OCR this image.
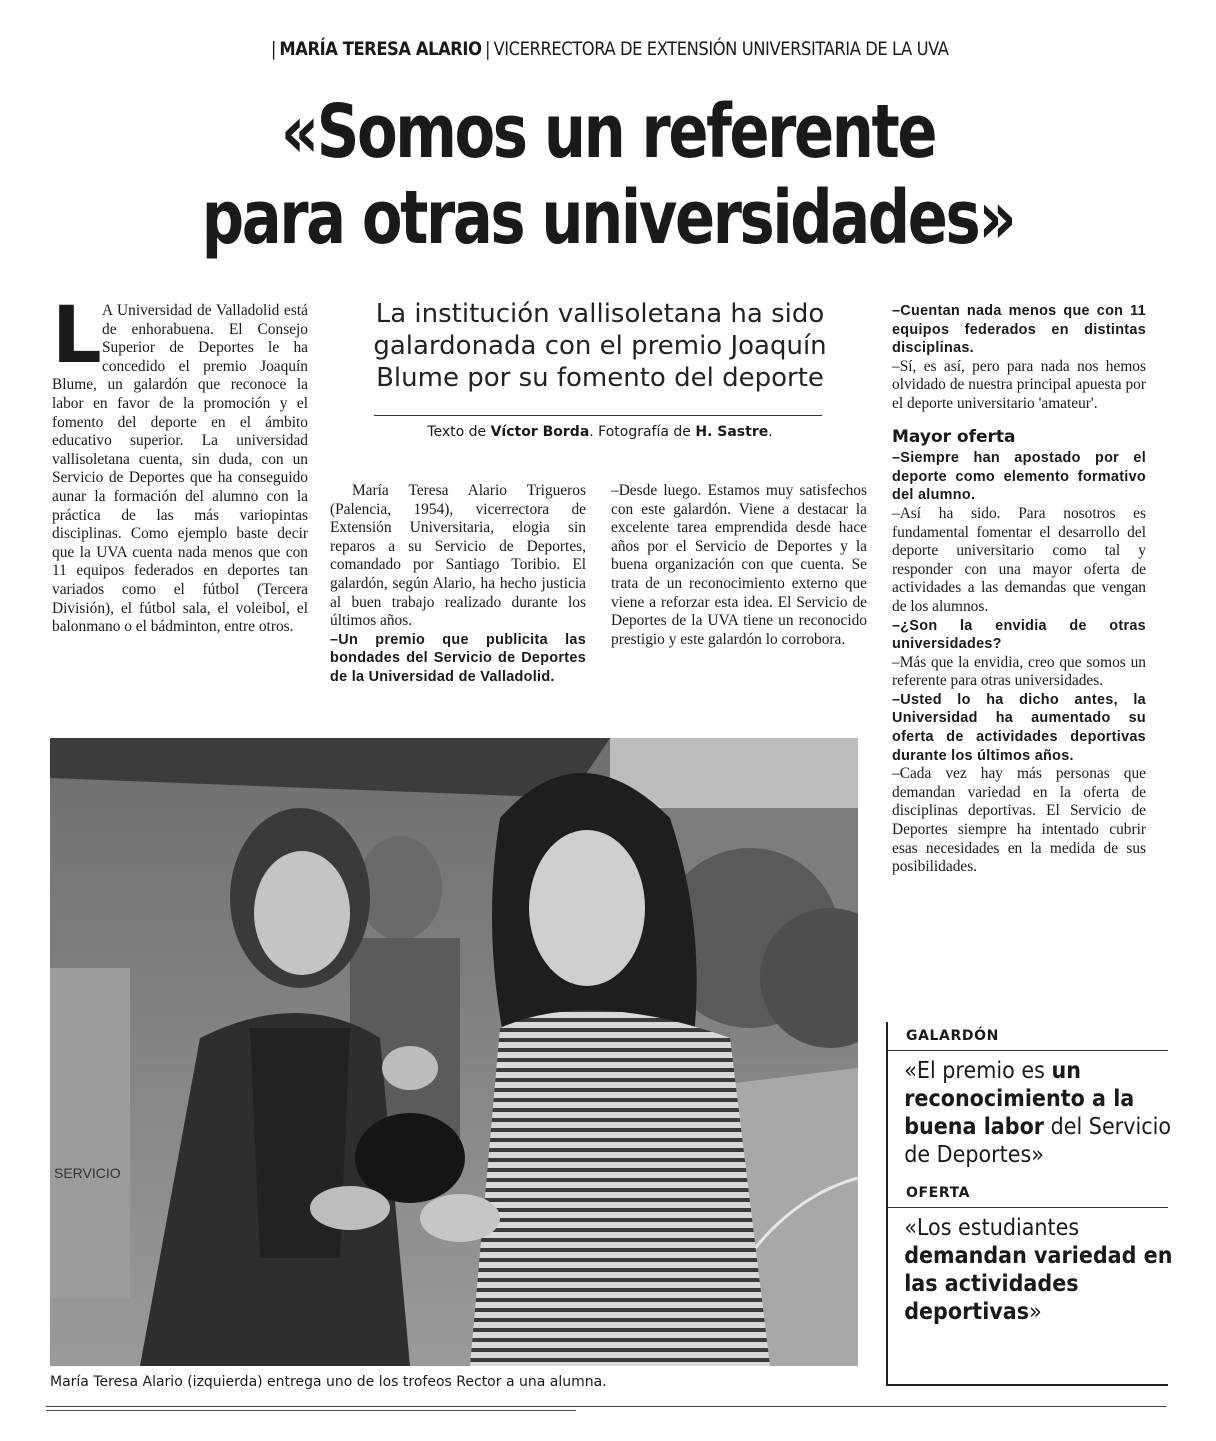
| MARÍA TERESA ALARIO | VICERRECTORA DE EXTENSIÓN UNIVERSITARIA DE LA UVA
«Somos un referente
para otras universidades»
L A Universidad de Valladolid está de enhorabuena. El Consejo Superior de Deportes le ha concedido el premio Joaquín Blume, un galardón que reconoce la labor en favor de la promoción y el fomento del deporte en el ámbito educativo superior. La universidad vallisoletana cuenta, sin duda, con un Servicio de Deportes que ha conseguido aunar la formación del alumno con la práctica de las más variopintas disciplinas. Como ejemplo baste decir que la UVA cuenta nada menos que con 11 equipos federados en deportes tan variados como el fútbol (Tercera División), el fútbol sala, el voleibol, el balonmano o el bádminton, entre otros.

La institución vallisoletana ha sido galardonada con el premio Joaquín Blume por su fomento del deporte
Texto de Víctor Borda. Fotografía de H. Sastre.

María Teresa Alario Trigueros (Palencia, 1954), vicerrectora de Extensión Universitaria, elogia sin reparos a su Servicio de Deportes, comandado por Santiago Toribio. El galardón, según Alario, ha hecho justicia al buen trabajo realizado durante los últimos años.

–Un premio que publicita las bondades del Servicio de Deportes de la Universidad de Valladolid.

–Desde luego. Estamos muy satisfechos con este galardón. Viene a destacar la excelente tarea emprendida desde hace años por el Servicio de Deportes y la buena organización con que cuenta. Se trata de un reconocimiento externo que viene a reforzar esta idea. El Servicio de Deportes de la UVA tiene un reconocido prestigio y este galardón lo corrobora.

–Cuentan nada menos que con 11 equipos federados en distintas disciplinas.

–Sí, es así, pero para nada nos hemos olvidado de nuestra principal apuesta por el deporte universitario 'amateur'.

Mayor oferta

–Siempre han apostado por el deporte como elemento formativo del alumno.

–Así ha sido. Para nosotros es fundamental fomentar el desarrollo del deporte universitario como tal y responder con una mayor oferta de actividades a las demandas que vengan de los alumnos.

–¿Son la envidia de otras universidades?

–Más que la envidia, creo que somos un referente para otras universidades.

–Usted lo ha dicho antes, la Universidad ha aumentado su oferta de actividades deportivas durante los últimos años.

–Cada vez hay más personas que demandan variedad en la oferta de disciplinas deportivas. El Servicio de Deportes siempre ha intentado cubrir esas necesidades en la medida de sus posibilidades.

SERVICIO
María Teresa Alario (izquierda) entrega uno de los trofeos Rector a una alumna.
GALARDÓN
«El premio es un reconocimiento a la buena labor del Servicio de Deportes»
OFERTA
«Los estudiantes demandan variedad en las actividades deportivas»
